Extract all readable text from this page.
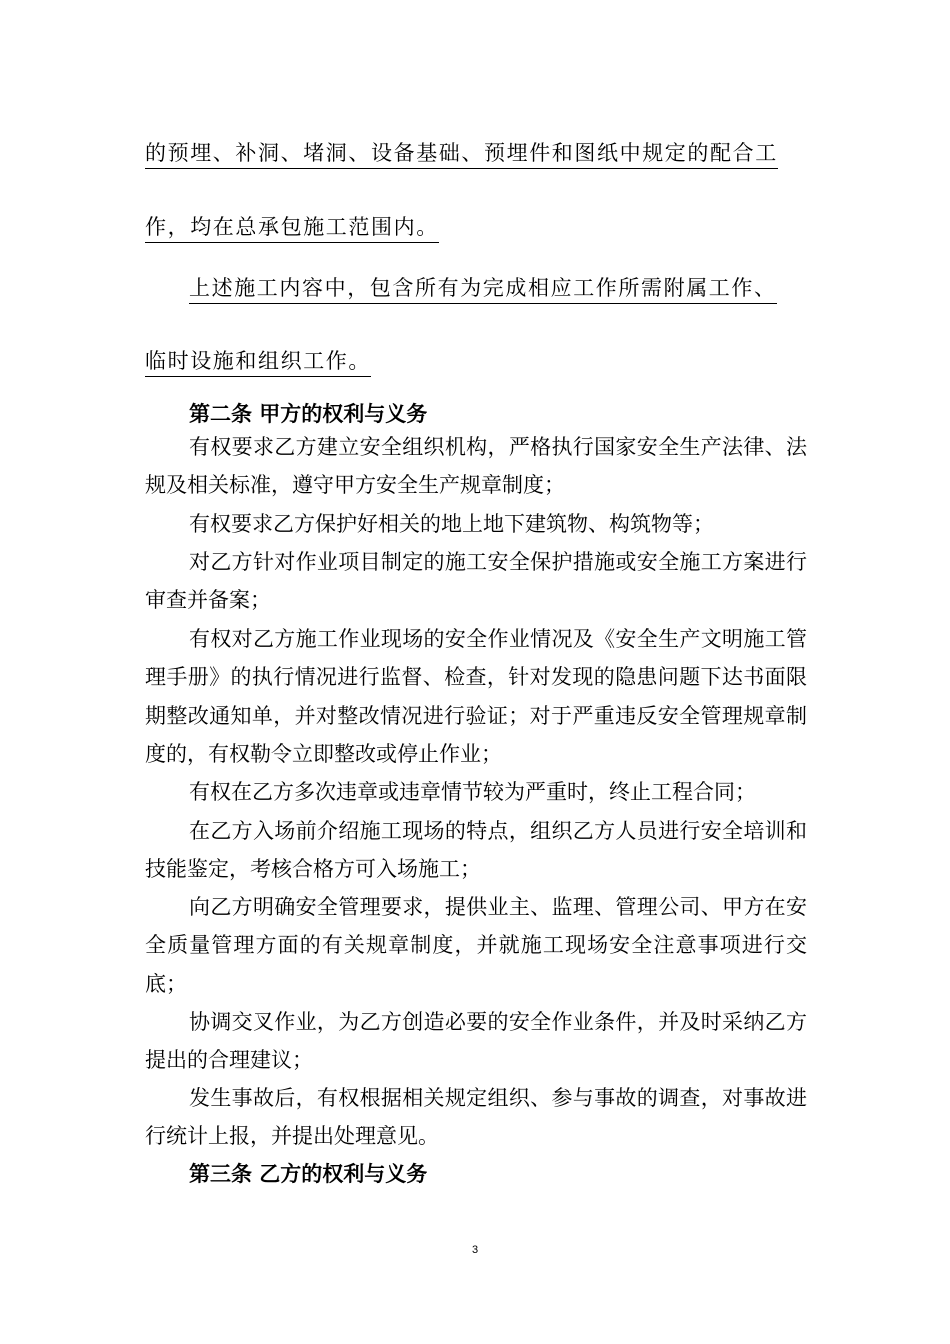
的预埋、补洞、堵洞、设备基础、预埋件和图纸中规定的配合工
作，均在总承包施工范围内。
上述施工内容中，包含所有为完成相应工作所需附属工作、
临时设施和组织工作。
第二条 甲方的权利与义务
有权要求乙方建立安全组织机构，严格执行国家安全生产法律、法规及相关标准，遵守甲方安全生产规章制度；
有权要求乙方保护好相关的地上地下建筑物、构筑物等；
对乙方针对作业项目制定的施工安全保护措施或安全施工方案进行审查并备案；
有权对乙方施工作业现场的安全作业情况及《安全生产文明施工管理手册》的执行情况进行监督、检查，针对发现的隐患问题下达书面限期整改通知单，并对整改情况进行验证；对于严重违反安全管理规章制度的，有权勒令立即整改或停止作业；
有权在乙方多次违章或违章情节较为严重时，终止工程合同；
在乙方入场前介绍施工现场的特点，组织乙方人员进行安全培训和技能鉴定，考核合格方可入场施工；
向乙方明确安全管理要求，提供业主、监理、管理公司、甲方在安全质量管理方面的有关规章制度，并就施工现场安全注意事项进行交底；
协调交叉作业，为乙方创造必要的安全作业条件，并及时采纳乙方提出的合理建议；
发生事故后，有权根据相关规定组织、参与事故的调查，对事故进行统计上报，并提出处理意见。
第三条 乙方的权利与义务
3
